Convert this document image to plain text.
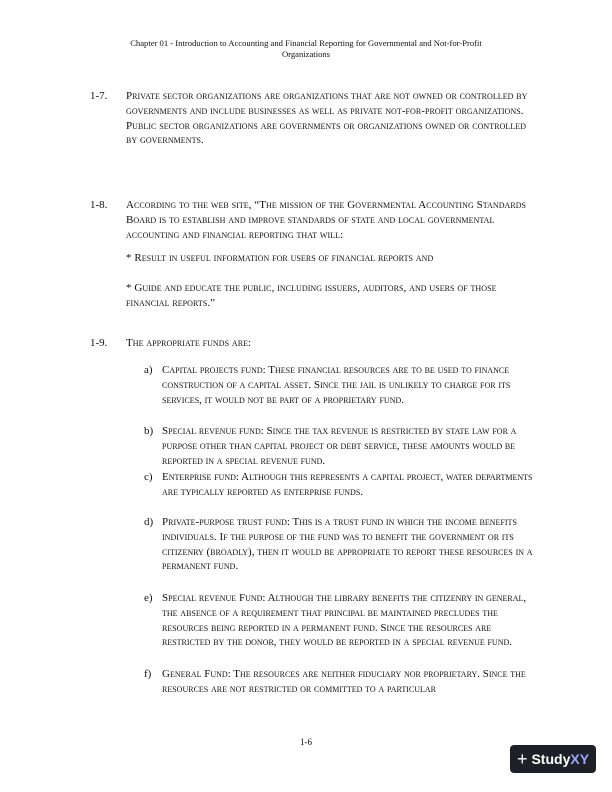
Chapter 01 - Introduction to Accounting and Financial Reporting for Governmental and Not-for-Profit
Organizations
1-7. Private sector organizations are organizations that are not owned or controlled by governments and include businesses as well as private not-for-profit organizations. Public sector organizations are governments or organizations owned or controlled by governments.
1-8. According to the web site, “The mission of the Governmental Accounting Standards Board is to establish and improve standards of state and local governmental accounting and financial reporting that will:
* Result in useful information for users of financial reports and
* Guide and educate the public, including issuers, auditors, and users of those financial reports.”
1-9. The appropriate funds are:
a) Capital projects fund: These financial resources are to be used to finance construction of a capital asset. Since the jail is unlikely to charge for its services, it would not be part of a proprietary fund.
b) Special revenue fund: Since the tax revenue is restricted by state law for a purpose other than capital project or debt service, these amounts would be reported in a special revenue fund.
c) Enterprise fund: Although this represents a capital project, water departments are typically reported as enterprise funds.
d) Private-purpose trust fund: This is a trust fund in which the income benefits individuals. If the purpose of the fund was to benefit the government or its citizenry (broadly), then it would be appropriate to report these resources in a permanent fund.
e) Special revenue Fund: Although the library benefits the citizenry in general, the absence of a requirement that principal be maintained precludes the resources being reported in a permanent fund. Since the resources are restricted by the donor, they would be reported in a special revenue fund.
f) General Fund: The resources are neither fiduciary nor proprietary. Since the resources are not restricted or committed to a particular
1-6
+ Study XY
